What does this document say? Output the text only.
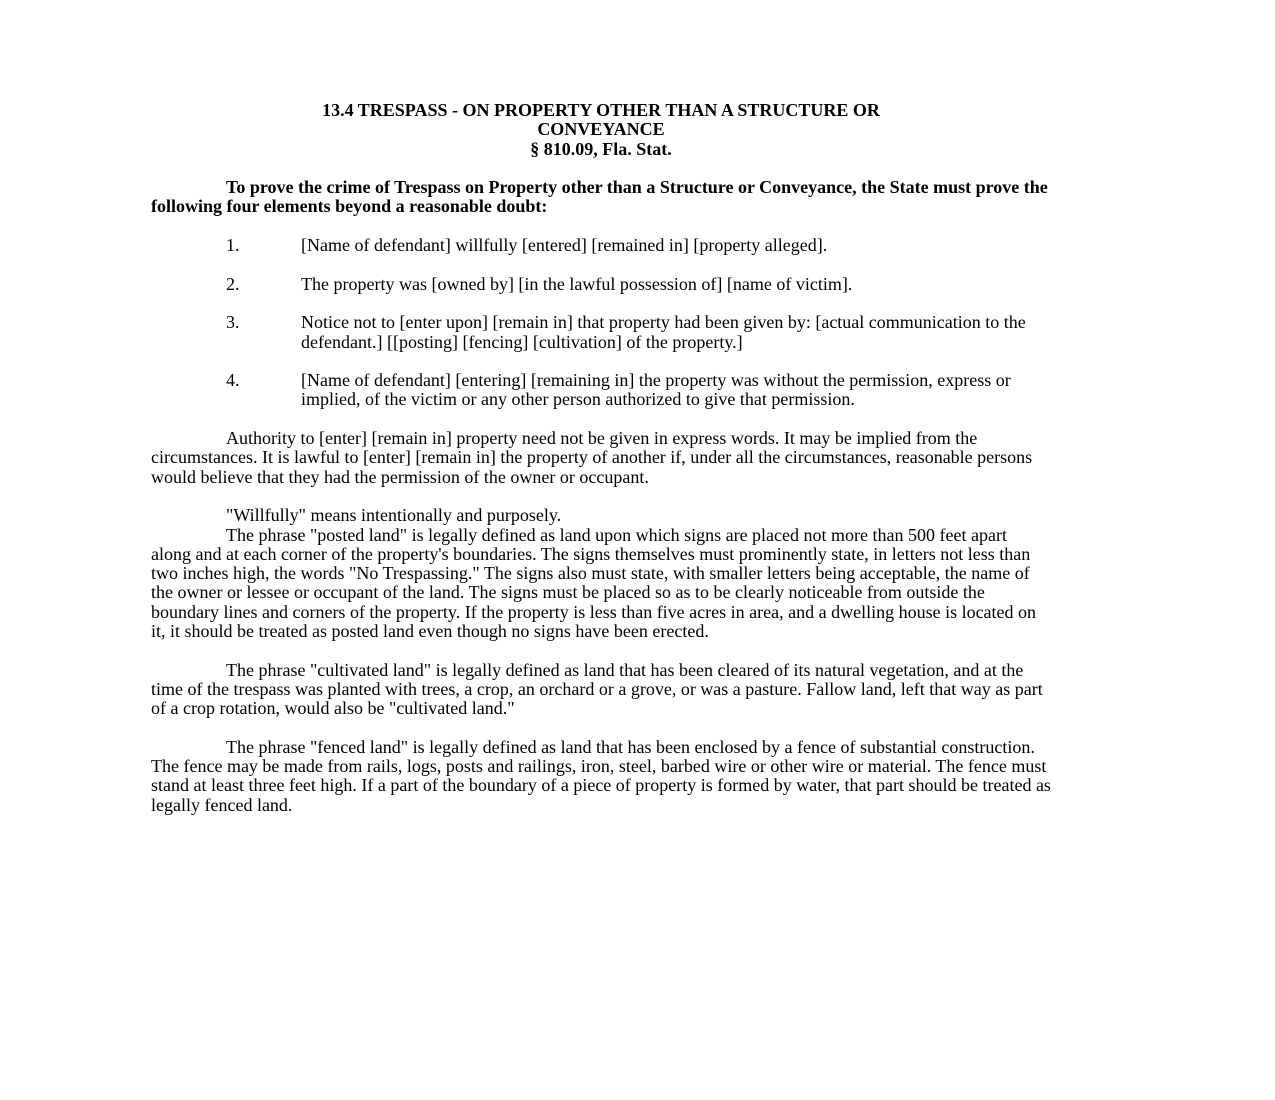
13.4 TRESPASS - ON PROPERTY OTHER THAN A STRUCTURE OR
CONVEYANCE
§ 810.09, Fla. Stat.

To prove the crime of Trespass on Property other than a Structure or Conveyance, the State must prove the following four elements beyond a reasonable doubt:

1.	[Name of defendant] willfully [entered] [remained in] [property alleged].
2.	The property was [owned by] [in the lawful possession of] [name of victim].
3.	Notice not to [enter upon] [remain in] that property had been given by: [actual communication to the defendant.] [[posting] [fencing] [cultivation] of the property.]
4.	[Name of defendant] [entering] [remaining in] the property was without the permission, express or implied, of the victim or any other person authorized to give that permission.

Authority to [enter] [remain in] property need not be given in express words. It may be implied from the circumstances. It is lawful to [enter] [remain in] the property of another if, under all the circumstances, reasonable persons would believe that they had the permission of the owner or occupant.

"Willfully" means intentionally and purposely.

The phrase "posted land" is legally defined as land upon which signs are placed not more than 500 feet apart along and at each corner of the property's boundaries. The signs themselves must prominently state, in letters not less than two inches high, the words "No Trespassing." The signs also must state, with smaller letters being acceptable, the name of the owner or lessee or occupant of the land. The signs must be placed so as to be clearly noticeable from outside the boundary lines and corners of the property. If the property is less than five acres in area, and a dwelling house is located on it, it should be treated as posted land even though no signs have been erected.

The phrase "cultivated land" is legally defined as land that has been cleared of its natural vegetation, and at the time of the trespass was planted with trees, a crop, an orchard or a grove, or was a pasture. Fallow land, left that way as part of a crop rotation, would also be "cultivated land."

The phrase "fenced land" is legally defined as land that has been enclosed by a fence of substantial construction. The fence may be made from rails, logs, posts and railings, iron, steel, barbed wire or other wire or material. The fence must stand at least three feet high. If a part of the boundary of a piece of property is formed by water, that part should be treated as legally fenced land.
